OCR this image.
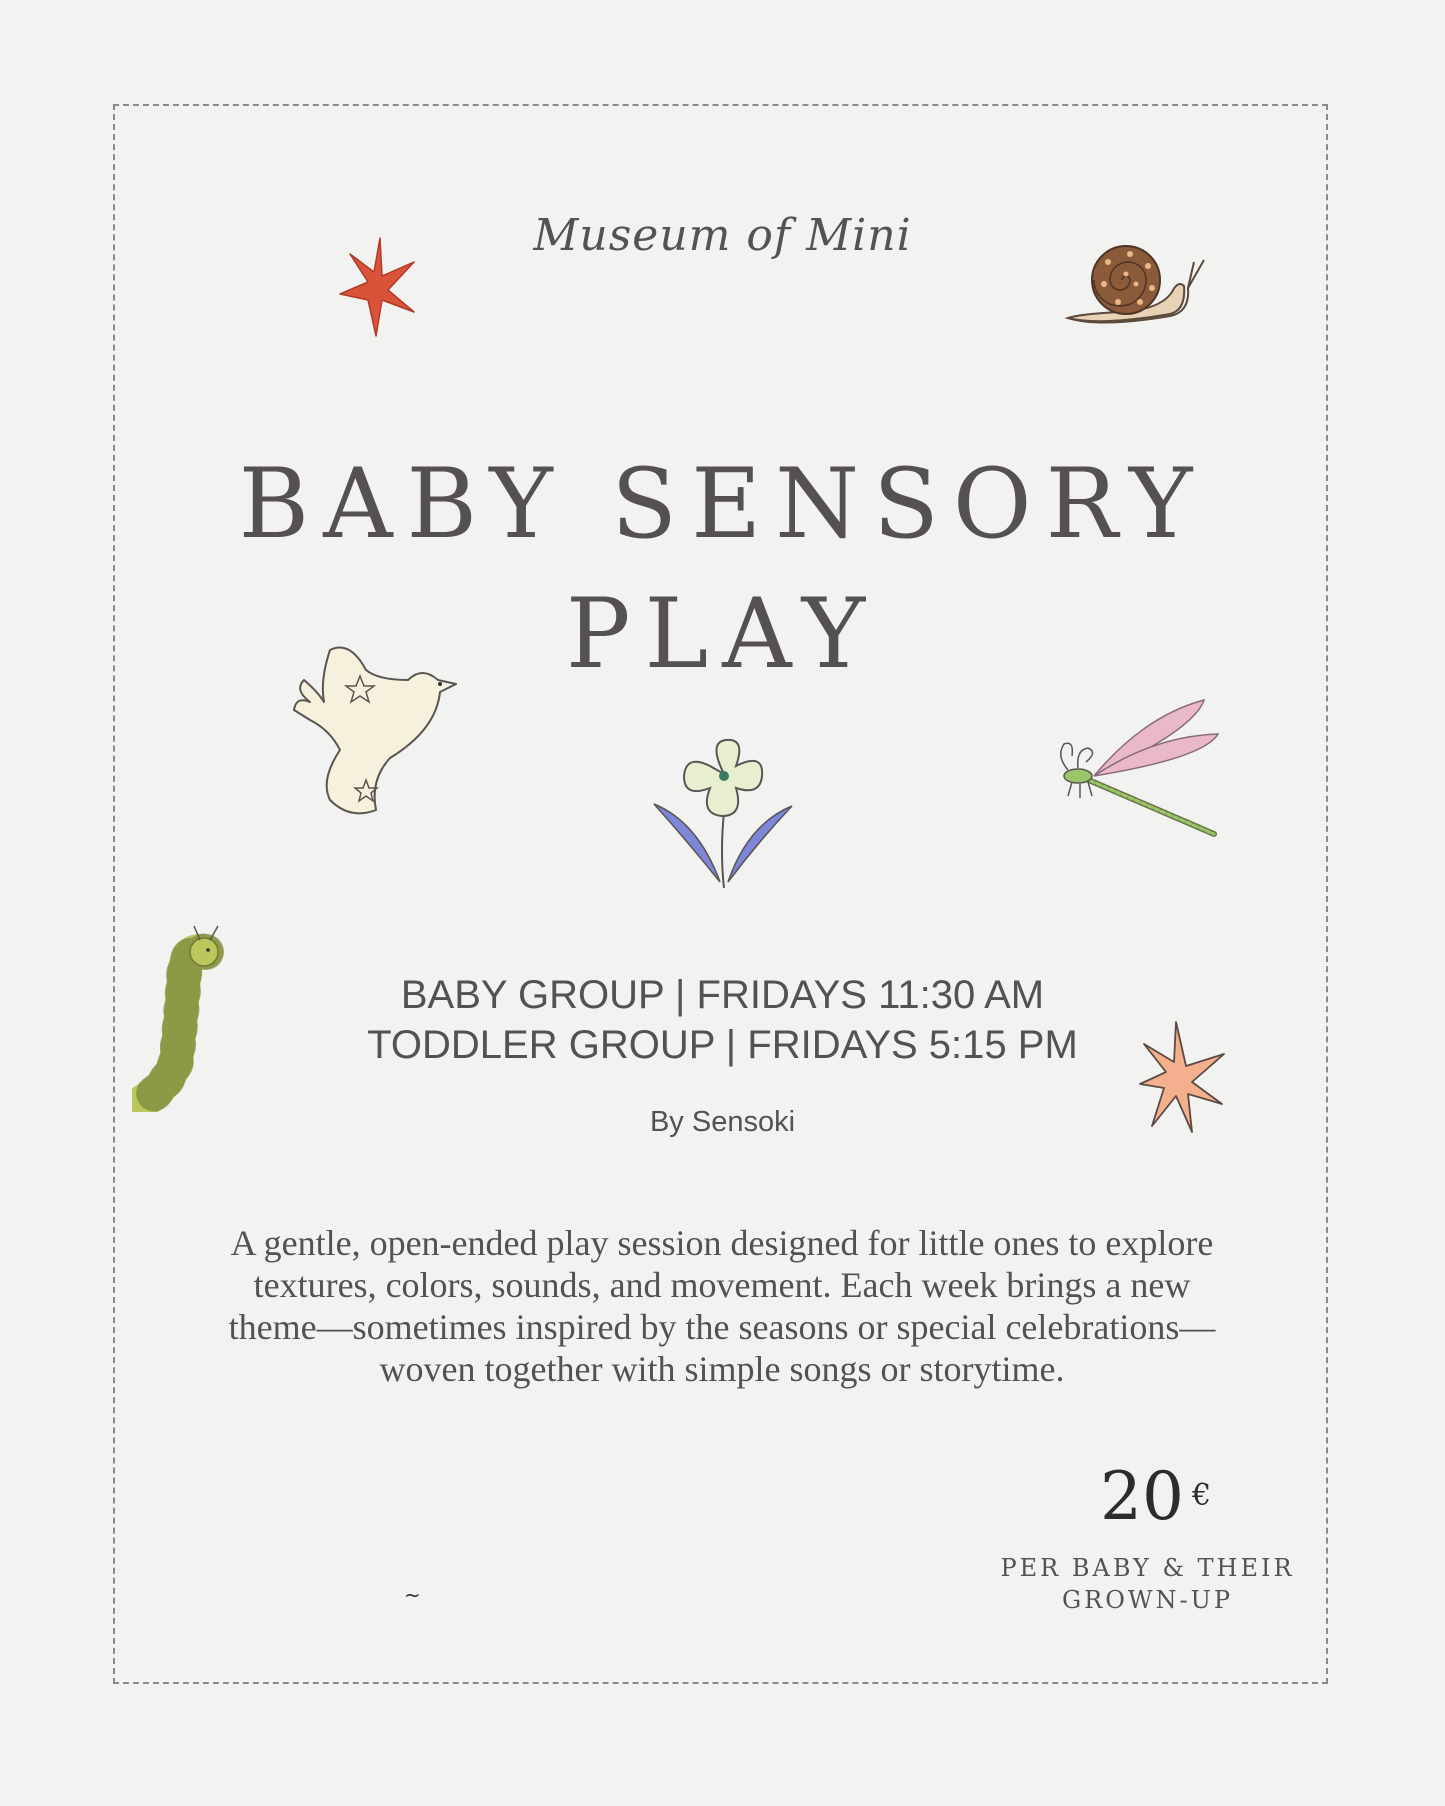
Museum of Mini
BABY SENSORY
PLAY
BABY GROUP | FRIDAYS 11:30 AM
TODDLER GROUP | FRIDAYS 5:15 PM
By Sensoki
A gentle, open-ended play session designed for little ones to explore textures, colors, sounds, and movement. Each week brings a new theme—sometimes inspired by the seasons or special celebrations—woven together with simple songs or storytime.
20 €
PER BABY & THEIR GROWN-UP
~
